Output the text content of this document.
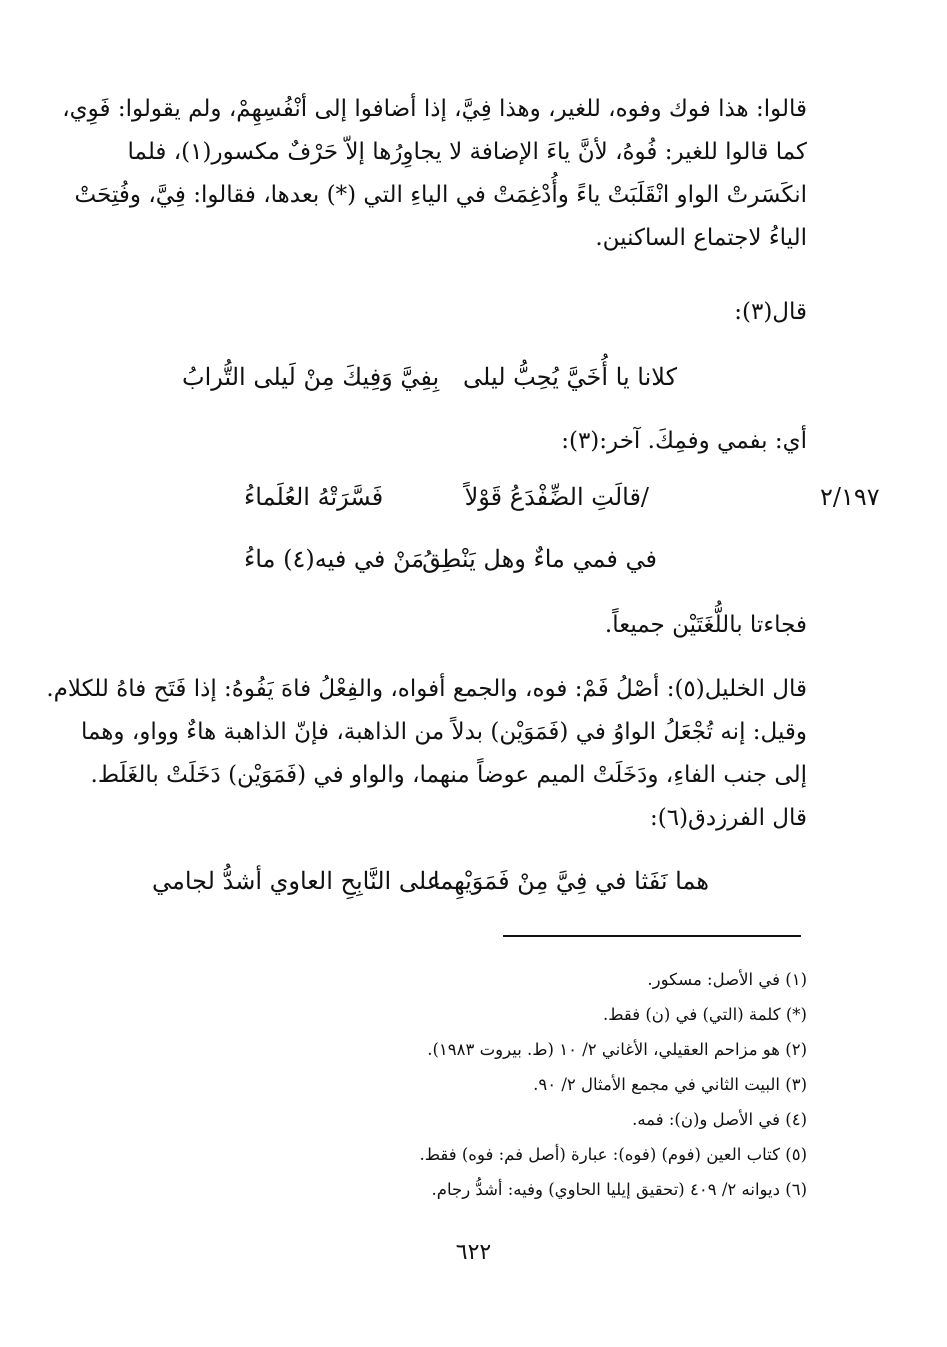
قالوا: هذا فوك وفوه، للغير، وهذا فِيَّ، إذا أضافوا إلى أنْفُسِهِمْ، ولم يقولوا: فَوِي،
كما قالوا للغير: فُوهُ، لأنَّ ياءَ الإضافة لا يجاوِرُها إلاّ حَرْفٌ مكسور(١)، فلما
انكَسَرتْ الواو انْقَلَبَتْ ياءً وأُدْغِمَتْ في الياءِ التي (*) بعدها، فقالوا: فِيَّ، وفُتِحَتْ
الياءُ لاجتماع الساكنين.

قال(٣):

كلانا يا أُخَيَّ يُحِبُّ ليلى

بِفِيَّ وَفِيكَ مِنْ لَيلى التُّرابُ

أي: بفمي وفمِكَ. آخر:(٣):

٢/١٩٧

/قالَتِ الضِّفْدَعُ قَوْلاً

فَسَّرَتْهُ العُلَماءُ

في فمي ماءٌ وهل يَنْطِقُ

مَنْ في فيه(٤) ماءُ

فجاءتا باللُّغَتَيْن جميعاً.

قال الخليل(٥): أصْلُ فَمْ: فوه، والجمع أفواه، والفِعْلُ فاهَ يَفُوهُ: إذا فَتَح فاهُ للكلام.
وقيل: إنه تُجْعَلُ الواوُ في (فَمَوَيْن) بدلاً من الذاهبة، فإنّ الذاهبة هاءٌ وواو، وهما
إلى جنب الفاءِ، ودَخَلَتْ الميم عوضاً منهما، والواو في (فَمَوَيْن) دَخَلَتْ بالغَلَط.
قال الفرزدق(٦):

هما نَفَثا في فِيَّ مِنْ فَمَوَيْهِما

على النَّابِحِ العاوي أشدُّ لجامي

(١) في الأصل: مسكور.

(*) كلمة (التي) في (ن) فقط.

(٢) هو مزاحم العقيلي، الأغاني ٢/ ١٠ (ط. بيروت ١٩٨٣).

(٣) البيت الثاني في مجمع الأمثال ٢/ ٩٠.

(٤) في الأصل و(ن): فمه.

(٥) كتاب العين (فوم) (فوه): عبارة (أصل فم: فوه) فقط.

(٦) ديوانه ٢/ ٤٠٩ (تحقيق إيليا الحاوي) وفيه: أشدُّ رجام.

٦٢٢
